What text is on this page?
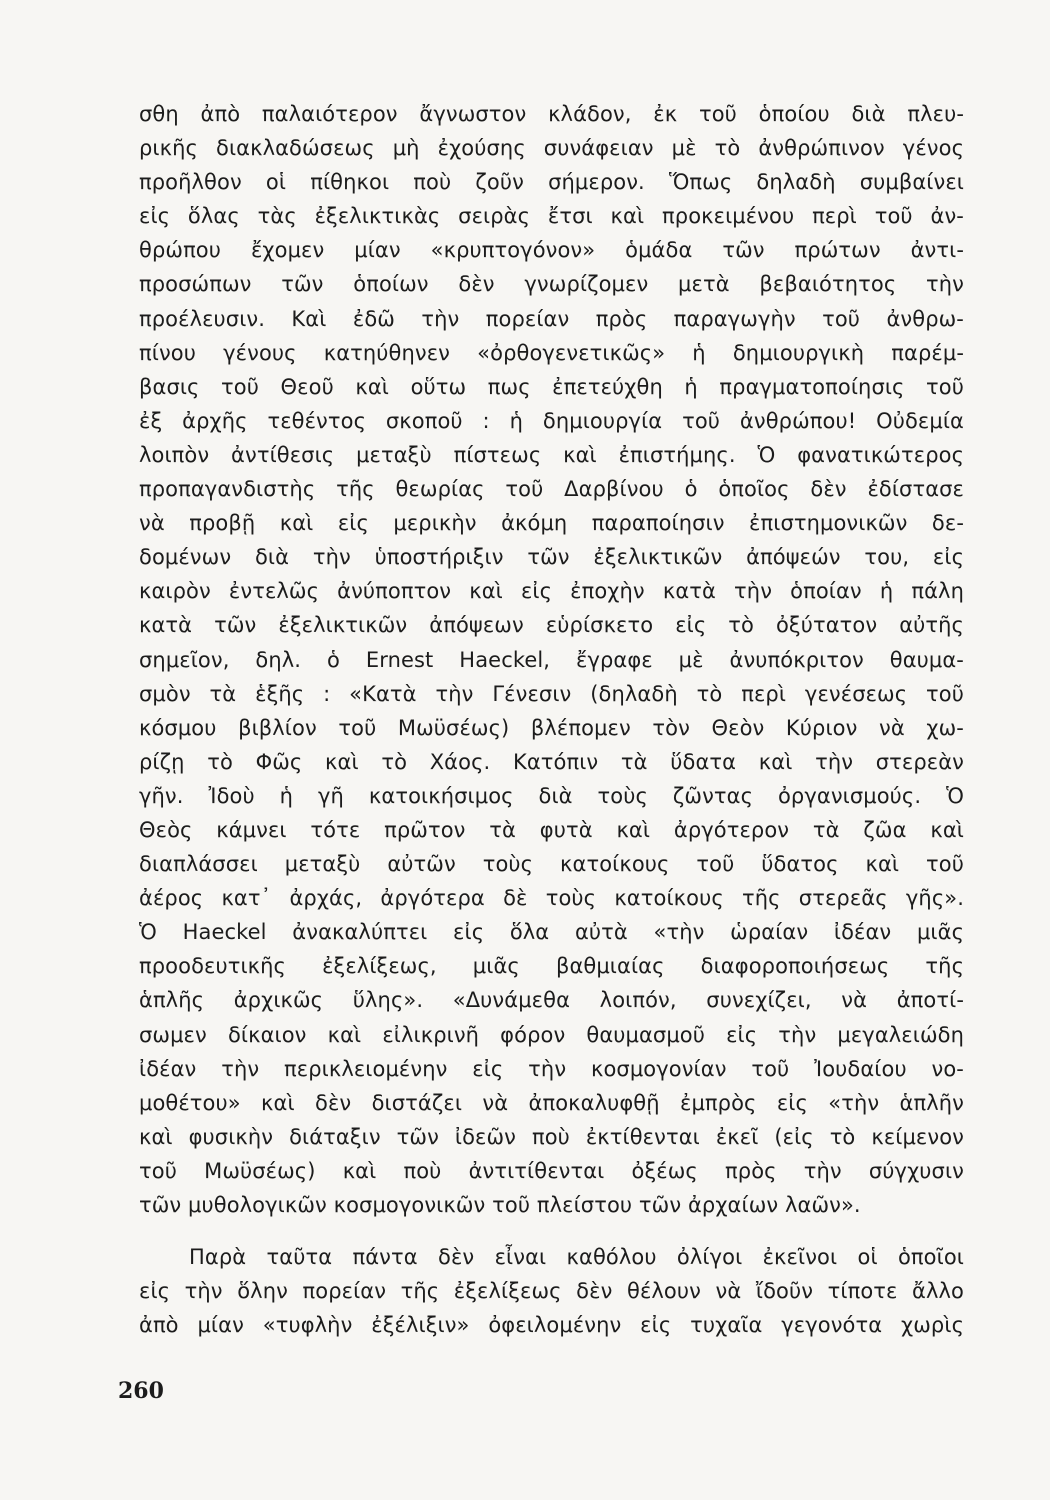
σθη ἀπὸ παλαιότερον ἄγνωστον κλάδον, ἐκ τοῦ ὁποίου διὰ πλευ-
ρικῆς διακλαδώσεως μὴ ἐχούσης συνάφειαν μὲ τὸ ἀνθρώπινον γένος
προῆλθον οἱ πίθηκοι ποὺ ζοῦν σήμερον. Ὅπως δηλαδὴ συμβαίνει
εἰς ὅλας τὰς ἐξελικτικὰς σειρὰς ἔτσι καὶ προκειμένου περὶ τοῦ ἀν-
θρώπου ἔχομεν μίαν «κρυπτογόνον» ὁμάδα τῶν πρώτων ἀντι-
προσώπων τῶν ὁποίων δὲν γνωρίζομεν μετὰ βεβαιότητος τὴν
προέλευσιν. Καὶ ἐδῶ τὴν πορείαν πρὸς παραγωγὴν τοῦ ἀνθρω-
πίνου γένους κατηύθηνεν «ὀρθογενετικῶς» ἡ δημιουργικὴ παρέμ-
βασις τοῦ Θεοῦ καὶ οὕτω πως ἐπετεύχθη ἡ πραγματοποίησις τοῦ
ἐξ ἀρχῆς τεθέντος σκοποῦ : ἡ δημιουργία τοῦ ἀνθρώπου! Οὐδεμία
λοιπὸν ἀντίθεσις μεταξὺ πίστεως καὶ ἐπιστήμης. Ὁ φανατικώτερος
προπαγανδιστὴς τῆς θεωρίας τοῦ Δαρβίνου ὁ ὁποῖος δὲν ἐδίστασε
νὰ προβῇ καὶ εἰς μερικὴν ἀκόμη παραποίησιν ἐπιστημονικῶν δε-
δομένων διὰ τὴν ὑποστήριξιν τῶν ἐξελικτικῶν ἀπόψεών του, εἰς
καιρὸν ἐντελῶς ἀνύποπτον καὶ εἰς ἐποχὴν κατὰ τὴν ὁποίαν ἡ πάλη
κατὰ τῶν ἐξελικτικῶν ἀπόψεων εὑρίσκετο εἰς τὸ ὀξύτατον αὐτῆς
σημεῖον, δηλ. ὁ Ernest Haeckel, ἔγραφε μὲ ἀνυπόκριτον θαυμα-
σμὸν τὰ ἑξῆς : «Κατὰ τὴν Γένεσιν (δηλαδὴ τὸ περὶ γενέσεως τοῦ
κόσμου βιβλίον τοῦ Μωϋσέως) βλέπομεν τὸν Θεὸν Κύριον νὰ χω-
ρίζῃ τὸ Φῶς καὶ τὸ Χάος. Κατόπιν τὰ ὕδατα καὶ τὴν στερεὰν
γῆν. Ἰδοὺ ἡ γῆ κατοικήσιμος διὰ τοὺς ζῶντας ὀργανισμούς. Ὁ
Θεὸς κάμνει τότε πρῶτον τὰ φυτὰ καὶ ἀργότερον τὰ ζῶα καὶ
διαπλάσσει μεταξὺ αὐτῶν τοὺς κατοίκους τοῦ ὕδατος καὶ τοῦ
ἀέρος κατ᾿ ἀρχάς, ἀργότερα δὲ τοὺς κατοίκους τῆς στερεᾶς γῆς».
Ὁ Haeckel ἀνακαλύπτει εἰς ὅλα αὐτὰ «τὴν ὡραίαν ἰδέαν μιᾶς
προοδευτικῆς ἐξελίξεως, μιᾶς βαθμιαίας διαφοροποιήσεως τῆς
ἁπλῆς ἀρχικῶς ὕλης». «Δυνάμεθα λοιπόν, συνεχίζει, νὰ ἀποτί-
σωμεν δίκαιον καὶ εἰλικρινῆ φόρον θαυμασμοῦ εἰς τὴν μεγαλειώδη
ἰδέαν τὴν περικλειομένην εἰς τὴν κοσμογονίαν τοῦ Ἰουδαίου νο-
μοθέτου» καὶ δὲν διστάζει νὰ ἀποκαλυφθῇ ἐμπρὸς εἰς «τὴν ἁπλῆν
καὶ φυσικὴν διάταξιν τῶν ἰδεῶν ποὺ ἐκτίθενται ἐκεῖ (εἰς τὸ κείμενον
τοῦ Μωϋσέως) καὶ ποὺ ἀντιτίθενται ὀξέως πρὸς τὴν σύγχυσιν
τῶν μυθολογικῶν κοσμογονικῶν τοῦ πλείστου τῶν ἀρχαίων λαῶν».
Παρὰ ταῦτα πάντα δὲν εἶναι καθόλου ὀλίγοι ἐκεῖνοι οἱ ὁποῖοι
εἰς τὴν ὅλην πορείαν τῆς ἐξελίξεως δὲν θέλουν νὰ ἴδοῦν τίποτε ἄλλο
ἀπὸ μίαν «τυφλὴν ἐξέλιξιν» ὀφειλομένην εἰς τυχαῖα γεγονότα χωρὶς
260
